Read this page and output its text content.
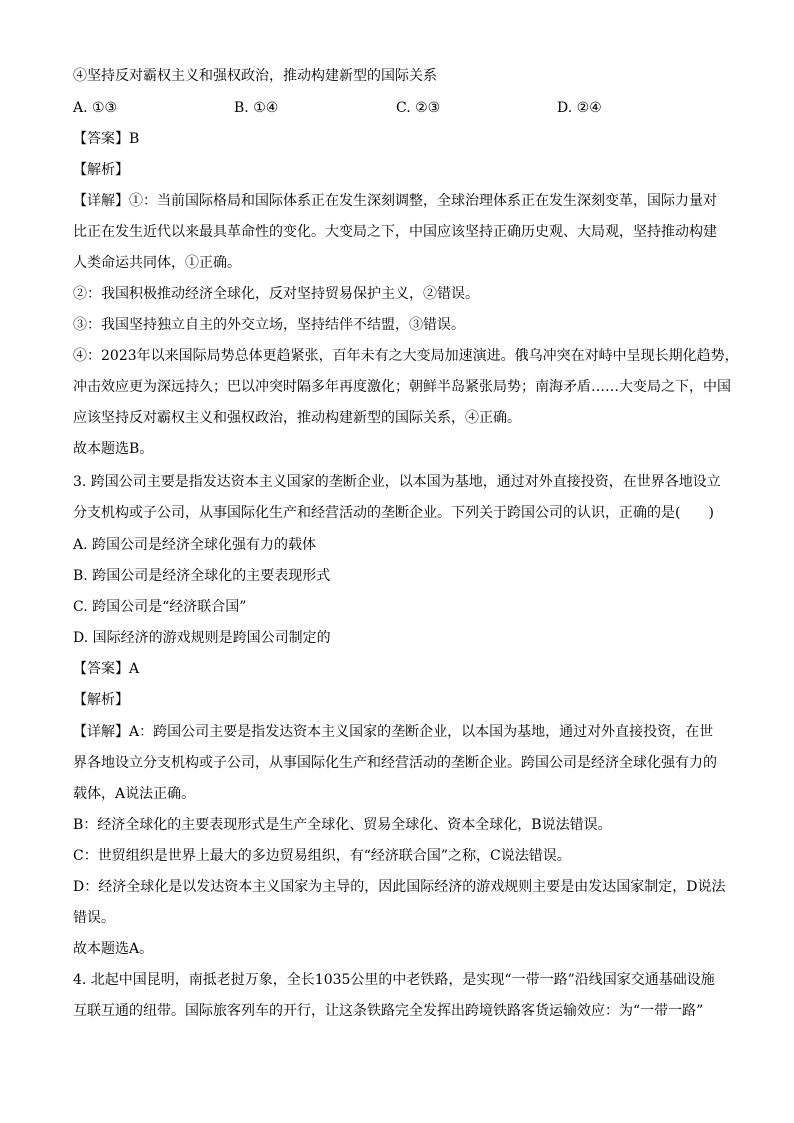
④坚持反对霸权主义和强权政治，推动构建新型的国际关系
A. ①③	B. ①④	C. ②③	D. ②④
【答案】B
【解析】
【详解】①：当前国际格局和国际体系正在发生深刻调整，全球治理体系正在发生深刻变革，国际力量对
比正在发生近代以来最具革命性的变化。大变局之下，中国应该坚持正确历史观、大局观，坚持推动构建
人类命运共同体，①正确。
②：我国积极推动经济全球化，反对坚持贸易保护主义，②错误。
③：我国坚持独立自主的外交立场，坚持结伴不结盟，③错误。
④：2023年以来国际局势总体更趋紧张，百年未有之大变局加速演进。俄乌冲突在对峙中呈现长期化趋势，
冲击效应更为深远持久；巴以冲突时隔多年再度激化；朝鲜半岛紧张局势；南海矛盾……大变局之下，中国
应该坚持反对霸权主义和强权政治，推动构建新型的国际关系，④正确。
故本题选B。
3. 跨国公司主要是指发达资本主义国家的垄断企业，以本国为基地，通过对外直接投资，在世界各地设立
分支机构或子公司，从事国际化生产和经营活动的垄断企业。下列关于跨国公司的认识，正确的是(　　)
A. 跨国公司是经济全球化强有力的载体
B. 跨国公司是经济全球化的主要表现形式
C. 跨国公司是“经济联合国”
D. 国际经济的游戏规则是跨国公司制定的
【答案】A
【解析】
【详解】A：跨国公司主要是指发达资本主义国家的垄断企业，以本国为基地，通过对外直接投资，在世
界各地设立分支机构或子公司，从事国际化生产和经营活动的垄断企业。跨国公司是经济全球化强有力的
载体，A说法正确。
B：经济全球化的主要表现形式是生产全球化、贸易全球化、资本全球化，B说法错误。
C：世贸组织是世界上最大的多边贸易组织，有“经济联合国”之称，C说法错误。
D：经济全球化是以发达资本主义国家为主导的，因此国际经济的游戏规则主要是由发达国家制定，D说法
错误。
故本题选A。
4. 北起中国昆明，南抵老挝万象，全长1035公里的中老铁路，是实现“一带一路”沿线国家交通基础设施
互联互通的纽带。国际旅客列车的开行，让这条铁路完全发挥出跨境铁路客货运输效应：为“一带一路”
